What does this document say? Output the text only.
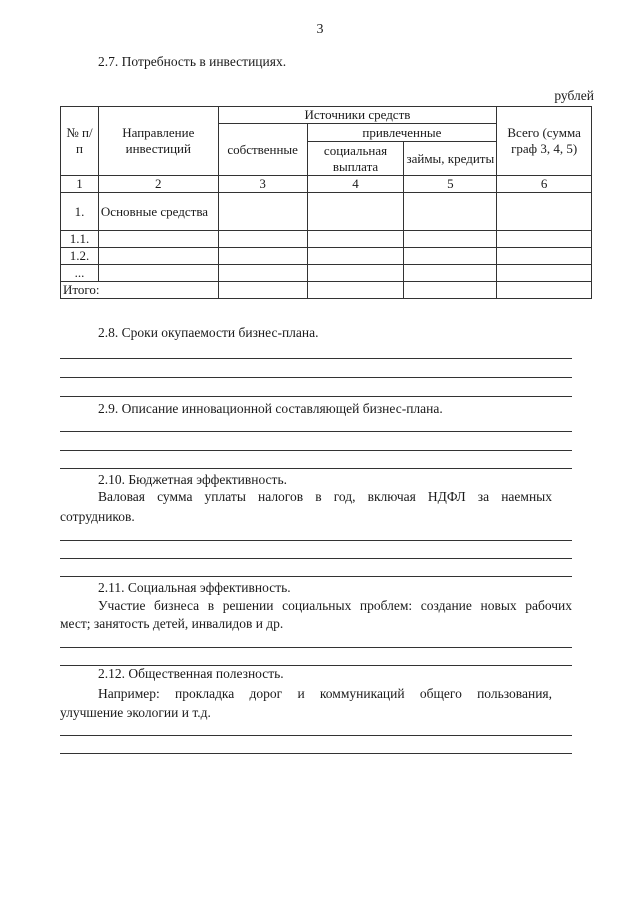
3
2.7. Потребность в инвестициях.
рублей
№ п/п	Направление инвестиций	Источники средств			Всего (сумма граф 3, 4, 5)
		собственные	привлеченные		
			социальная выплата	займы, кредиты	
1	2	3	4	5	6
1.	Основные средства				
1.1.					
1.2.					
...					
Итого:					
2.8. Сроки окупаемости бизнес-плана.
2.9. Описание инновационной составляющей бизнес-плана.
2.10. Бюджетная эффективность.
Валовая сумма уплаты налогов в год, включая НДФЛ за наемных
сотрудников.
2.11. Социальная эффективность.
Участие бизнеса в решении социальных проблем: создание новых рабочих
мест; занятость детей, инвалидов и др.
2.12. Общественная полезность.
Например: прокладка дорог и коммуникаций общего пользования,
улучшение экологии и т.д.
